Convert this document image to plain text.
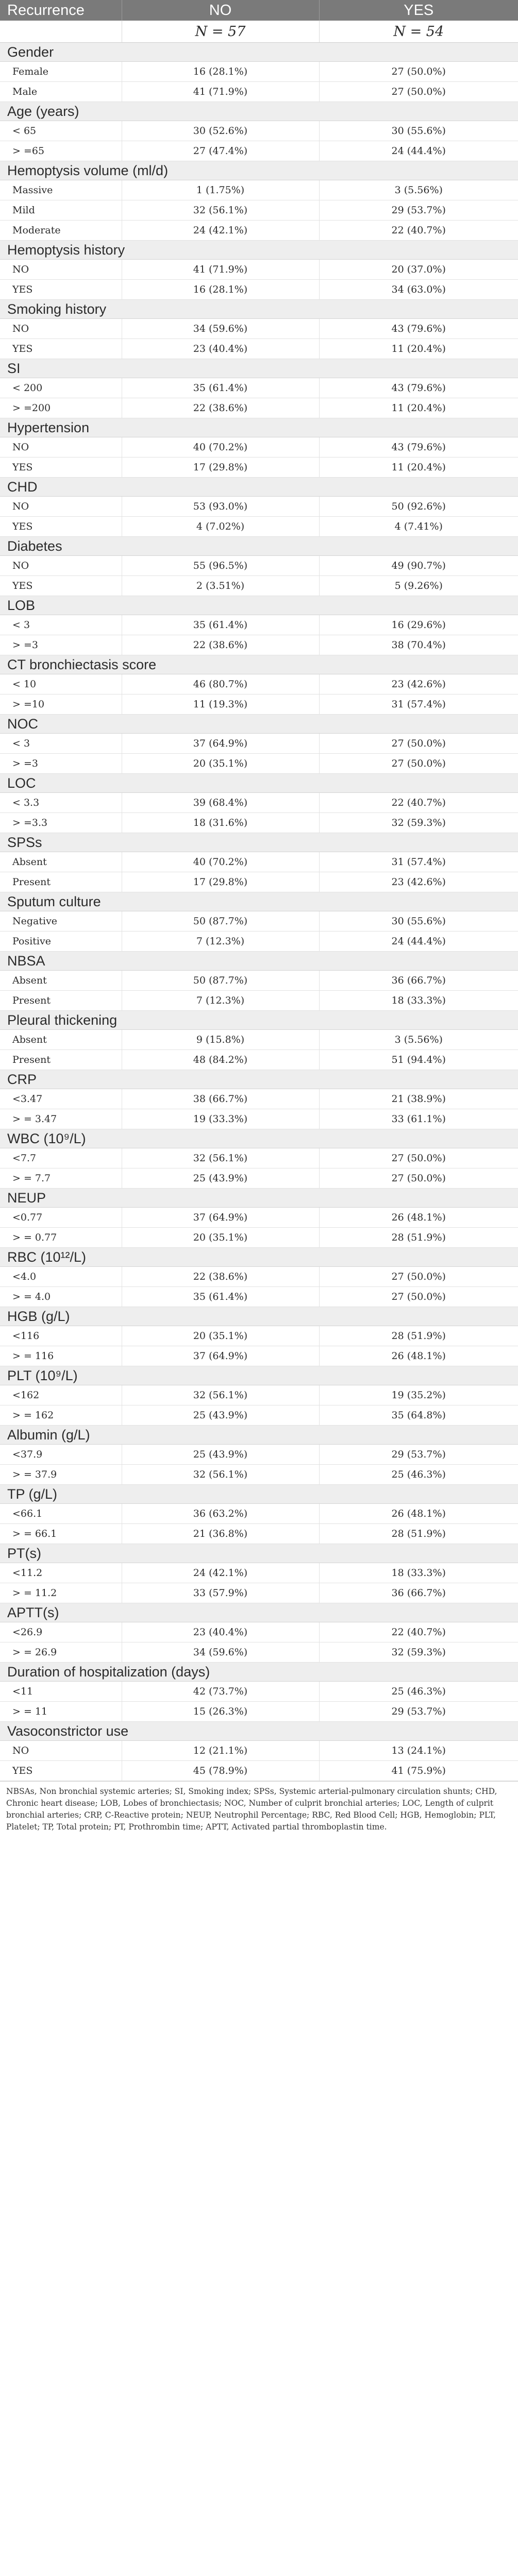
Recurrence	NO	YES
	N = 57	N = 54
Gender		
Female	16 (28.1%)	27 (50.0%)
Male	41 (71.9%)	27 (50.0%)
Age (years)		
< 65	30 (52.6%)	30 (55.6%)
> =65	27 (47.4%)	24 (44.4%)
Hemoptysis volume (ml/d)		
Massive	1 (1.75%)	3 (5.56%)
Mild	32 (56.1%)	29 (53.7%)
Moderate	24 (42.1%)	22 (40.7%)
Hemoptysis history		
NO	41 (71.9%)	20 (37.0%)
YES	16 (28.1%)	34 (63.0%)
Smoking history		
NO	34 (59.6%)	43 (79.6%)
YES	23 (40.4%)	11 (20.4%)
SI		
< 200	35 (61.4%)	43 (79.6%)
> =200	22 (38.6%)	11 (20.4%)
Hypertension		
NO	40 (70.2%)	43 (79.6%)
YES	17 (29.8%)	11 (20.4%)
CHD		
NO	53 (93.0%)	50 (92.6%)
YES	4 (7.02%)	4 (7.41%)
Diabetes		
NO	55 (96.5%)	49 (90.7%)
YES	2 (3.51%)	5 (9.26%)
LOB		
< 3	35 (61.4%)	16 (29.6%)
> =3	22 (38.6%)	38 (70.4%)
CT bronchiectasis score		
< 10	46 (80.7%)	23 (42.6%)
> =10	11 (19.3%)	31 (57.4%)
NOC		
< 3	37 (64.9%)	27 (50.0%)
> =3	20 (35.1%)	27 (50.0%)
LOC		
< 3.3	39 (68.4%)	22 (40.7%)
> =3.3	18 (31.6%)	32 (59.3%)
SPSs		
Absent	40 (70.2%)	31 (57.4%)
Present	17 (29.8%)	23 (42.6%)
Sputum culture		
Negative	50 (87.7%)	30 (55.6%)
Positive	7 (12.3%)	24 (44.4%)
NBSA		
Absent	50 (87.7%)	36 (66.7%)
Present	7 (12.3%)	18 (33.3%)
Pleural thickening		
Absent	9 (15.8%)	3 (5.56%)
Present	48 (84.2%)	51 (94.4%)
CRP		
<3.47	38 (66.7%)	21 (38.9%)
> = 3.47	19 (33.3%)	33 (61.1%)
WBC (10⁹/L)		
<7.7	32 (56.1%)	27 (50.0%)
> = 7.7	25 (43.9%)	27 (50.0%)
NEUP		
<0.77	37 (64.9%)	26 (48.1%)
> = 0.77	20 (35.1%)	28 (51.9%)
RBC (10¹²/L)		
<4.0	22 (38.6%)	27 (50.0%)
> = 4.0	35 (61.4%)	27 (50.0%)
HGB (g/L)		
<116	20 (35.1%)	28 (51.9%)
> = 116	37 (64.9%)	26 (48.1%)
PLT (10⁹/L)		
<162	32 (56.1%)	19 (35.2%)
> = 162	25 (43.9%)	35 (64.8%)
Albumin (g/L)		
<37.9	25 (43.9%)	29 (53.7%)
> = 37.9	32 (56.1%)	25 (46.3%)
TP (g/L)		
<66.1	36 (63.2%)	26 (48.1%)
> = 66.1	21 (36.8%)	28 (51.9%)
PT(s)		
<11.2	24 (42.1%)	18 (33.3%)
> = 11.2	33 (57.9%)	36 (66.7%)
APTT(s)		
<26.9	23 (40.4%)	22 (40.7%)
> = 26.9	34 (59.6%)	32 (59.3%)
Duration of hospitalization (days)		
<11	42 (73.7%)	25 (46.3%)
> = 11	15 (26.3%)	29 (53.7%)
Vasoconstrictor use		
NO	12 (21.1%)	13 (24.1%)
YES	45 (78.9%)	41 (75.9%)
NBSAs, Non bronchial systemic arteries; SI, Smoking index; SPSs, Systemic arterial-pulmonary circulation shunts; CHD, Chronic heart disease; LOB, Lobes of bronchiectasis; NOC, Number of culprit bronchial arteries; LOC, Length of culprit bronchial arteries; CRP, C-Reactive protein; NEUP, Neutrophil Percentage; RBC, Red Blood Cell; HGB, Hemoglobin; PLT, Platelet; TP, Total protein; PT, Prothrombin time; APTT, Activated partial thromboplastin time.
